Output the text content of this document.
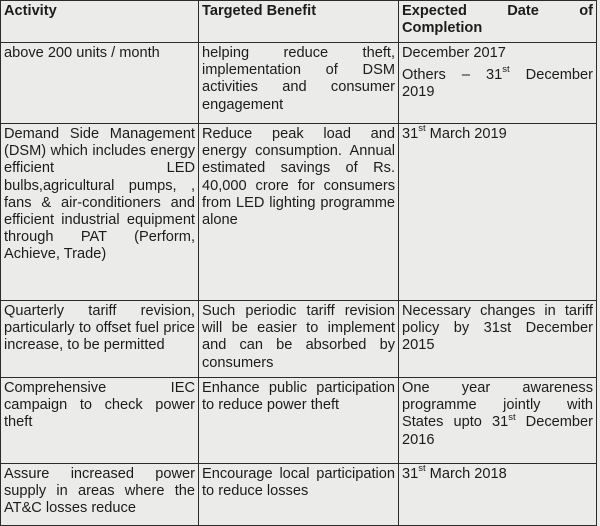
Activity	Targeted Benefit	Expected Date of
Completion

above 200 units / month	helping reduce theft, implementation of DSM activities and consumer engagement	December 2017
Others – 31st December 2019

Demand Side Management (DSM) which includes energy efficient LED bulbs,agricultural pumps, , fans & air-conditioners and efficient industrial equipment through PAT (Perform, Achieve, Trade)	Reduce peak load and energy consumption. Annual estimated savings of Rs. 40,000 crore for consumers from LED lighting programme alone	31st March 2019
Quarterly tariff revision, particularly to offset fuel price increase, to be permitted	Such periodic tariff revision will be easier to implement and can be absorbed by consumers	Necessary changes in tariff policy by 31st December 2015
Comprehensive IEC campaign to check power theft	Enhance public participation to reduce power theft	One year awareness programme jointly with States upto 31st December 2016
Assure increased power supply in areas where the AT&C losses reduce	Encourage local participation to reduce losses	31st March 2018
